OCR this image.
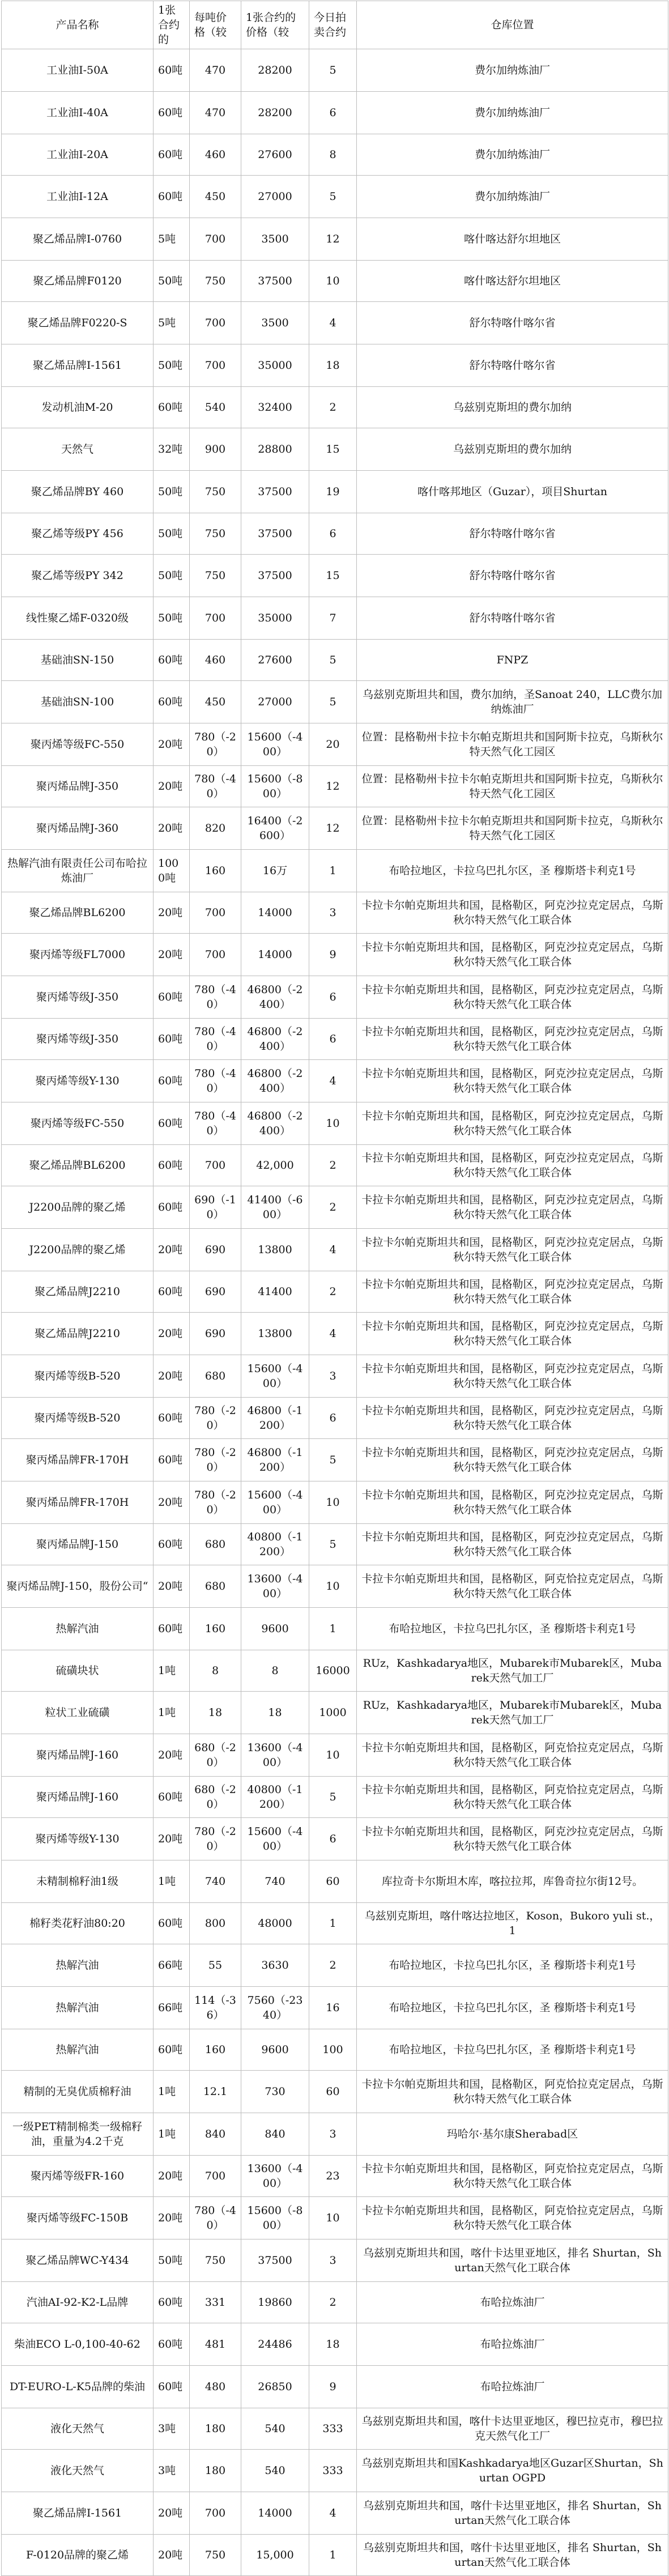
产品名称	1张合约的	每吨价格（较	1张合约的价格（较	今日拍卖合约	仓库位置
工业油I-50A	60吨	470	28200	5	费尔加纳炼油厂
工业油I-40A	60吨	470	28200	6	费尔加纳炼油厂
工业油I-20A	60吨	460	27600	8	费尔加纳炼油厂
工业油I-12A	60吨	450	27000	5	费尔加纳炼油厂
聚乙烯品牌I-0760	5吨	700	3500	12	喀什喀达舒尔坦地区
聚乙烯品牌F0120	50吨	750	37500	10	喀什喀达舒尔坦地区
聚乙烯品牌F0220-S	5吨	700	3500	4	舒尔特喀什喀尔省
聚乙烯品牌I-1561	50吨	700	35000	18	舒尔特喀什喀尔省
发动机油M-20	60吨	540	32400	2	乌兹别克斯坦的费尔加纳
天然气	32吨	900	28800	15	乌兹别克斯坦的费尔加纳
聚乙烯品牌BY 460	50吨	750	37500	19	喀什喀邦地区（Guzar），项目Shurtan
聚乙烯等级PY 456	50吨	750	37500	6	舒尔特喀什喀尔省
聚乙烯等级PY 342	50吨	750	37500	15	舒尔特喀什喀尔省
线性聚乙烯F-0320级	50吨	700	35000	7	舒尔特喀什喀尔省
基础油SN-150	60吨	460	27600	5	FNPZ
基础油SN-100	60吨	450	27000	5	乌兹别克斯坦共和国，费尔加纳，圣Sanoat 240，LLC费尔加纳炼油厂
聚丙烯等级FC-550	20吨	780（-20）	15600（-400）	20	位置：昆格勒州卡拉卡尔帕克斯坦共和国阿斯卡拉克，乌斯秋尔特天然气化工园区
聚丙烯品牌J-350	20吨	780（-40）	15600（-800）	12	位置：昆格勒州卡拉卡尔帕克斯坦共和国阿斯卡拉克，乌斯秋尔特天然气化工园区
聚丙烯品牌J-360	20吨	820	16400（-2600）	12	位置：昆格勒州卡拉卡尔帕克斯坦共和国阿斯卡拉克，乌斯秋尔特天然气化工园区
热解汽油有限责任公司布哈拉炼油厂	1000吨	160	16万	1	布哈拉地区，卡拉乌巴扎尔区，圣 穆斯塔卡利克1号
聚乙烯品牌BL6200	20吨	700	14000	3	卡拉卡尔帕克斯坦共和国，昆格勒区，阿克沙拉克定居点，乌斯秋尔特天然气化工联合体
聚丙烯等级FL7000	20吨	700	14000	9	卡拉卡尔帕克斯坦共和国，昆格勒区，阿克沙拉克定居点，乌斯秋尔特天然气化工联合体
聚丙烯等级J-350	60吨	780（-40）	46800（-2400）	6	卡拉卡尔帕克斯坦共和国，昆格勒区，阿克沙拉克定居点，乌斯秋尔特天然气化工联合体
聚丙烯等级J-350	60吨	780（-40）	46800（-2400）	6	卡拉卡尔帕克斯坦共和国，昆格勒区，阿克沙拉克定居点，乌斯秋尔特天然气化工联合体
聚丙烯等级Y-130	60吨	780（-40）	46800（-2400）	4	卡拉卡尔帕克斯坦共和国，昆格勒区，阿克沙拉克定居点，乌斯秋尔特天然气化工联合体
聚丙烯等级FC-550	60吨	780（-40）	46800（-2400）	10	卡拉卡尔帕克斯坦共和国，昆格勒区，阿克沙拉克定居点，乌斯秋尔特天然气化工联合体
聚乙烯品牌BL6200	60吨	700	42,000	2	卡拉卡尔帕克斯坦共和国，昆格勒区，阿克沙拉克定居点，乌斯秋尔特天然气化工联合体
J2200品牌的聚乙烯	60吨	690（-10）	41400（-600）	2	卡拉卡尔帕克斯坦共和国，昆格勒区，阿克沙拉克定居点，乌斯秋尔特天然气化工联合体
J2200品牌的聚乙烯	20吨	690	13800	4	卡拉卡尔帕克斯坦共和国，昆格勒区，阿克沙拉克定居点，乌斯秋尔特天然气化工联合体
聚乙烯品牌J2210	60吨	690	41400	2	卡拉卡尔帕克斯坦共和国，昆格勒区，阿克沙拉克定居点，乌斯秋尔特天然气化工联合体
聚乙烯品牌J2210	20吨	690	13800	4	卡拉卡尔帕克斯坦共和国，昆格勒区，阿克沙拉克定居点，乌斯秋尔特天然气化工联合体
聚丙烯等级B-520	20吨	680	15600（-400）	3	卡拉卡尔帕克斯坦共和国，昆格勒区，阿克沙拉克定居点，乌斯秋尔特天然气化工联合体
聚丙烯等级B-520	60吨	780（-20）	46800（-1200）	6	卡拉卡尔帕克斯坦共和国，昆格勒区，阿克沙拉克定居点，乌斯秋尔特天然气化工联合体
聚丙烯品牌FR-170H	60吨	780（-20）	46800（-1200）	5	卡拉卡尔帕克斯坦共和国，昆格勒区，阿克沙拉克定居点，乌斯秋尔特天然气化工联合体
聚丙烯品牌FR-170H	20吨	780（-20）	15600（-400）	10	卡拉卡尔帕克斯坦共和国，昆格勒区，阿克沙拉克定居点，乌斯秋尔特天然气化工联合体
聚丙烯品牌J-150	60吨	680	40800（-1200）	5	卡拉卡尔帕克斯坦共和国，昆格勒区，阿克沙拉克定居点，乌斯秋尔特天然气化工联合体
聚丙烯品牌J-150，股份公司“	20吨	680	13600（-400）	10	卡拉卡尔帕克斯坦共和国，昆格勒区，阿克恰拉克定居点，乌斯秋尔特天然气化工联合体
热解汽油	60吨	160	9600	1	布哈拉地区，卡拉乌巴扎尔区，圣 穆斯塔卡利克1号
硫磺块状	1吨	8	8	16000	RUz，Kashkadarya地区，Mubarek市Mubarek区，Mubarek天然气加工厂
粒状工业硫磺	1吨	18	18	1000	RUz，Kashkadarya地区，Mubarek市Mubarek区，Mubarek天然气加工厂
聚丙烯品牌J-160	20吨	680（-20）	13600（-400）	10	卡拉卡尔帕克斯坦共和国，昆格勒区，阿克恰拉克定居点，乌斯秋尔特天然气化工联合体
聚丙烯品牌J-160	60吨	680（-20）	40800（-1200）	5	卡拉卡尔帕克斯坦共和国，昆格勒区，阿克恰拉克定居点，乌斯秋尔特天然气化工联合体
聚丙烯等级Y-130	20吨	780（-20）	15600（-400）	6	卡拉卡尔帕克斯坦共和国，昆格勒区，阿克沙拉克定居点，乌斯秋尔特天然气化工联合体
未精制棉籽油1级	1吨	740	740	60	库拉奇卡尔斯坦木库，喀拉拉邦，库鲁奇拉尔街12号。
棉籽类花籽油80:20	60吨	800	48000	1	乌兹别克斯坦，喀什喀达拉地区，Koson，Bukoro yuli st.，1
热解汽油	66吨	55	3630	2	布哈拉地区，卡拉乌巴扎尔区，圣 穆斯塔卡利克1号
热解汽油	66吨	114（-36）	7560（-2340）	16	布哈拉地区，卡拉乌巴扎尔区，圣 穆斯塔卡利克1号
热解汽油	60吨	160	9600	100	布哈拉地区，卡拉乌巴扎尔区，圣 穆斯塔卡利克1号
精制的无臭优质棉籽油	1吨	12.1	730	60	卡拉卡尔帕克斯坦共和国，昆格勒区，阿克恰拉克定居点，乌斯秋尔特天然气化工联合体
一级PET精制棉类一级棉籽油，重量为4.2千克	1吨	840	840	3	玛哈尔·基尔康Sherabad区
聚丙烯等级FR-160	20吨	700	13600（-400）	23	卡拉卡尔帕克斯坦共和国，昆格勒区，阿克恰拉克定居点，乌斯秋尔特天然气化工联合体
聚丙烯等级FC-150B	20吨	780（-40）	15600（-800）	10	卡拉卡尔帕克斯坦共和国，昆格勒区，阿克恰拉克定居点，乌斯秋尔特天然气化工联合体
聚乙烯品牌WC-Y434	50吨	750	37500	3	乌兹别克斯坦共和国，喀什卡达里亚地区，排名 Shurtan，Shurtan天然气化工联合体
汽油AI-92-K2-L品牌	60吨	331	19860	2	布哈拉炼油厂
柴油ECO L-0,100-40-62	60吨	481	24486	18	布哈拉炼油厂
DT-EURO-L-K5品牌的柴油	60吨	480	26850	9	布哈拉炼油厂
液化天然气	3吨	180	540	333	乌兹别克斯坦共和国，喀什卡达里亚地区，穆巴拉克市，穆巴拉克天然气化工厂
液化天然气	3吨	180	540	333	乌兹别克斯坦共和国Kashkadarya地区Guzar区Shurtan，Shurtan OGPD
聚乙烯品牌I-1561	20吨	700	14000	4	乌兹别克斯坦共和国，喀什卡达里亚地区，排名 Shurtan，Shurtan天然气化工联合体
F-0120品牌的聚乙烯	20吨	750	15,000	1	乌兹别克斯坦共和国，喀什卡达里亚地区，排名 Shurtan，Shurtan天然气化工联合体
